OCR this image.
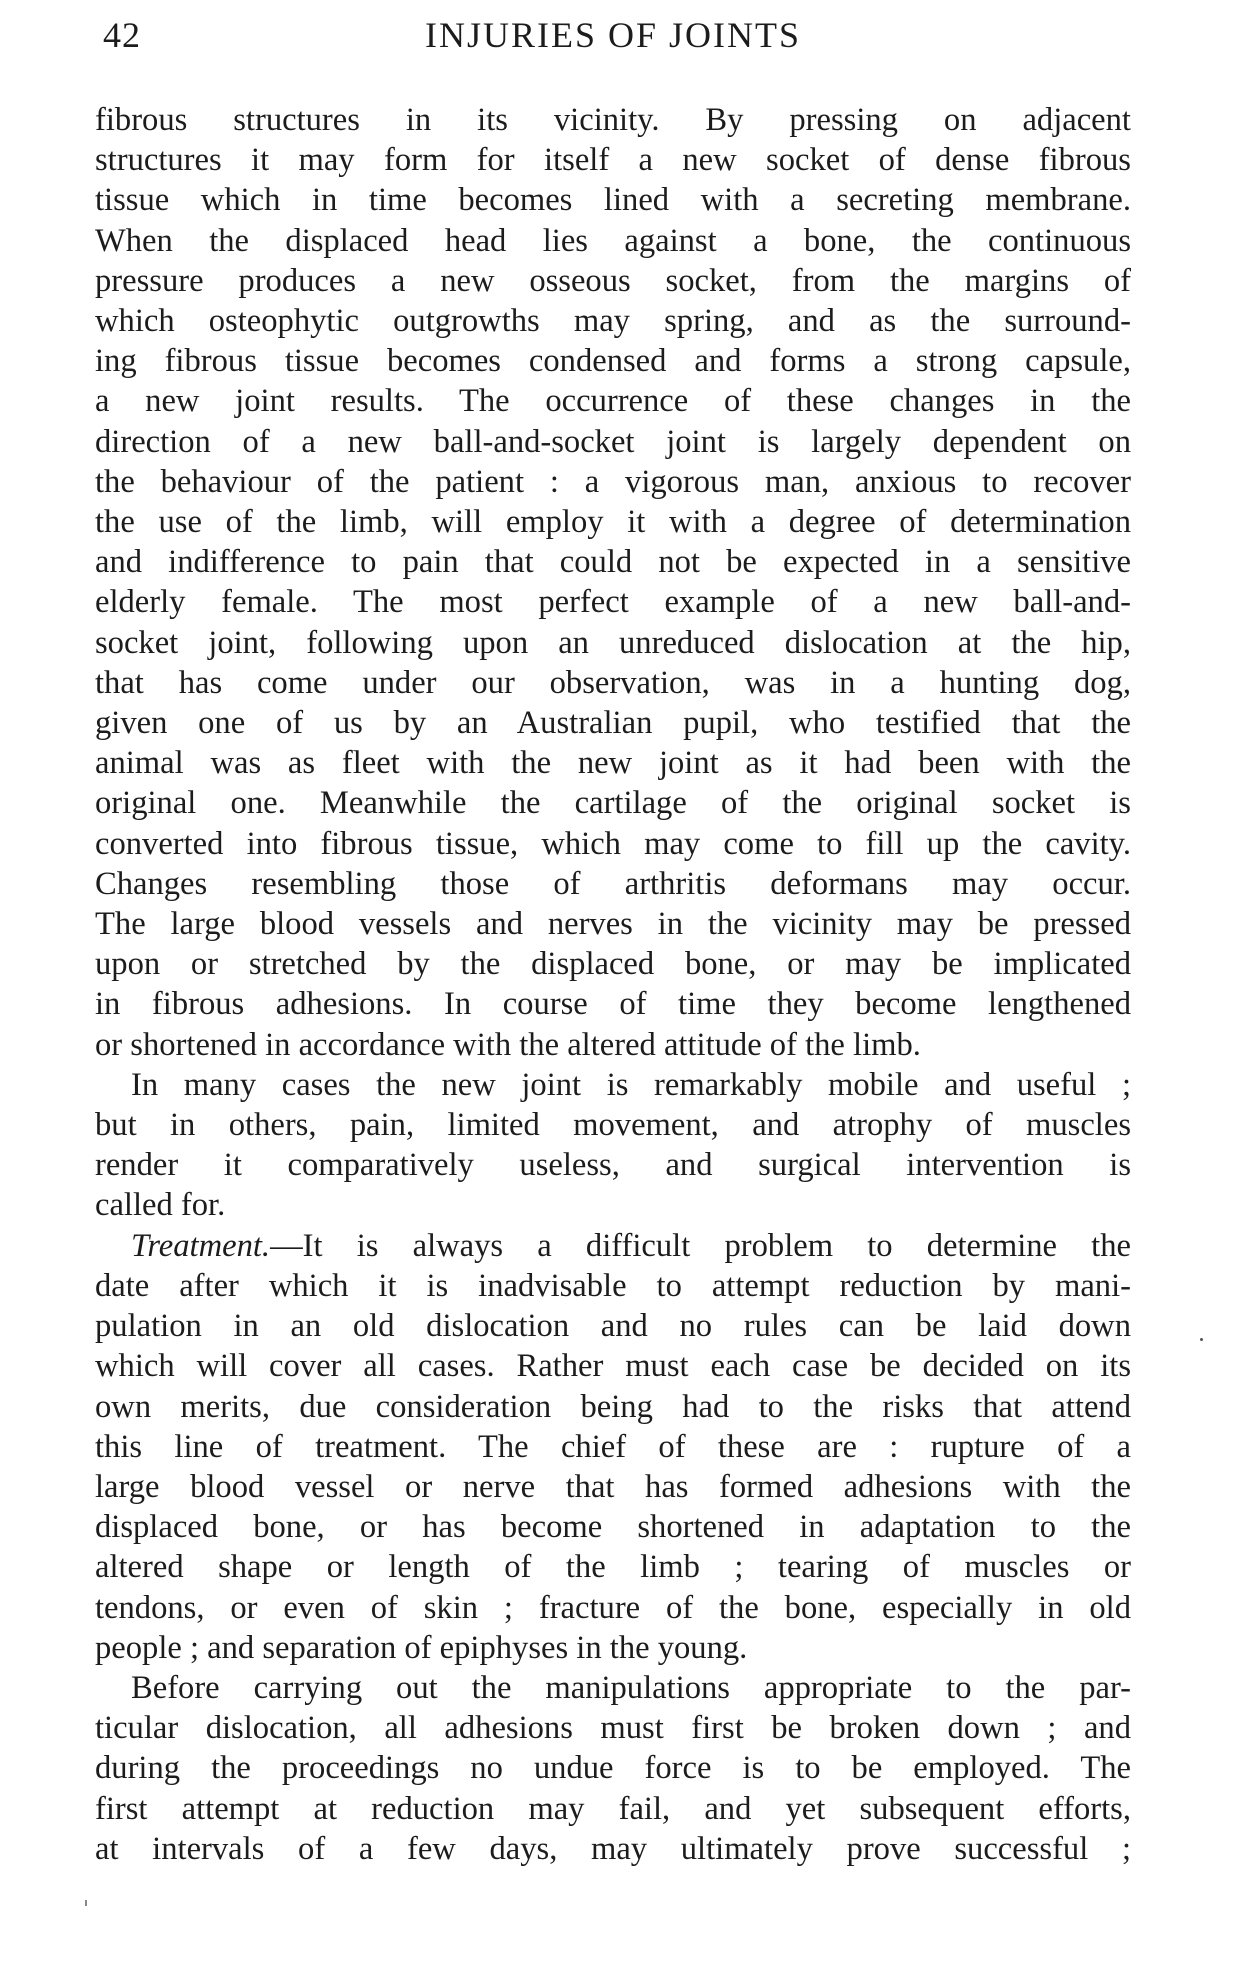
42	INJURIES OF JOINTS
fibrous structures in its vicinity. By pressing on adjacent
structures it may form for itself a new socket of dense fibrous
tissue which in time becomes lined with a secreting membrane.
When the displaced head lies against a bone, the continuous
pressure produces a new osseous socket, from the margins of
which osteophytic outgrowths may spring, and as the surround-
ing fibrous tissue becomes condensed and forms a strong capsule,
a new joint results. The occurrence of these changes in the
direction of a new ball-and-socket joint is largely dependent on
the behaviour of the patient : a vigorous man, anxious to recover
the use of the limb, will employ it with a degree of determination
and indifference to pain that could not be expected in a sensitive
elderly female. The most perfect example of a new ball-and-
socket joint, following upon an unreduced dislocation at the hip,
that has come under our observation, was in a hunting dog,
given one of us by an Australian pupil, who testified that the
animal was as fleet with the new joint as it had been with the
original one. Meanwhile the cartilage of the original socket is
converted into fibrous tissue, which may come to fill up the cavity.
Changes resembling those of arthritis deformans may occur.
The large blood vessels and nerves in the vicinity may be pressed
upon or stretched by the displaced bone, or may be implicated
in fibrous adhesions. In course of time they become lengthened
or shortened in accordance with the altered attitude of the limb.
In many cases the new joint is remarkably mobile and useful ;
but in others, pain, limited movement, and atrophy of muscles
render it comparatively useless, and surgical intervention is
called for.
Treatment.—It is always a difficult problem to determine the
date after which it is inadvisable to attempt reduction by mani-
pulation in an old dislocation and no rules can be laid down
which will cover all cases. Rather must each case be decided on its
own merits, due consideration being had to the risks that attend
this line of treatment. The chief of these are : rupture of a
large blood vessel or nerve that has formed adhesions with the
displaced bone, or has become shortened in adaptation to the
altered shape or length of the limb ; tearing of muscles or
tendons, or even of skin ; fracture of the bone, especially in old
people ; and separation of epiphyses in the young.
Before carrying out the manipulations appropriate to the par-
ticular dislocation, all adhesions must first be broken down ; and
during the proceedings no undue force is to be employed. The
first attempt at reduction may fail, and yet subsequent efforts,
at intervals of a few days, may ultimately prove successful ;
